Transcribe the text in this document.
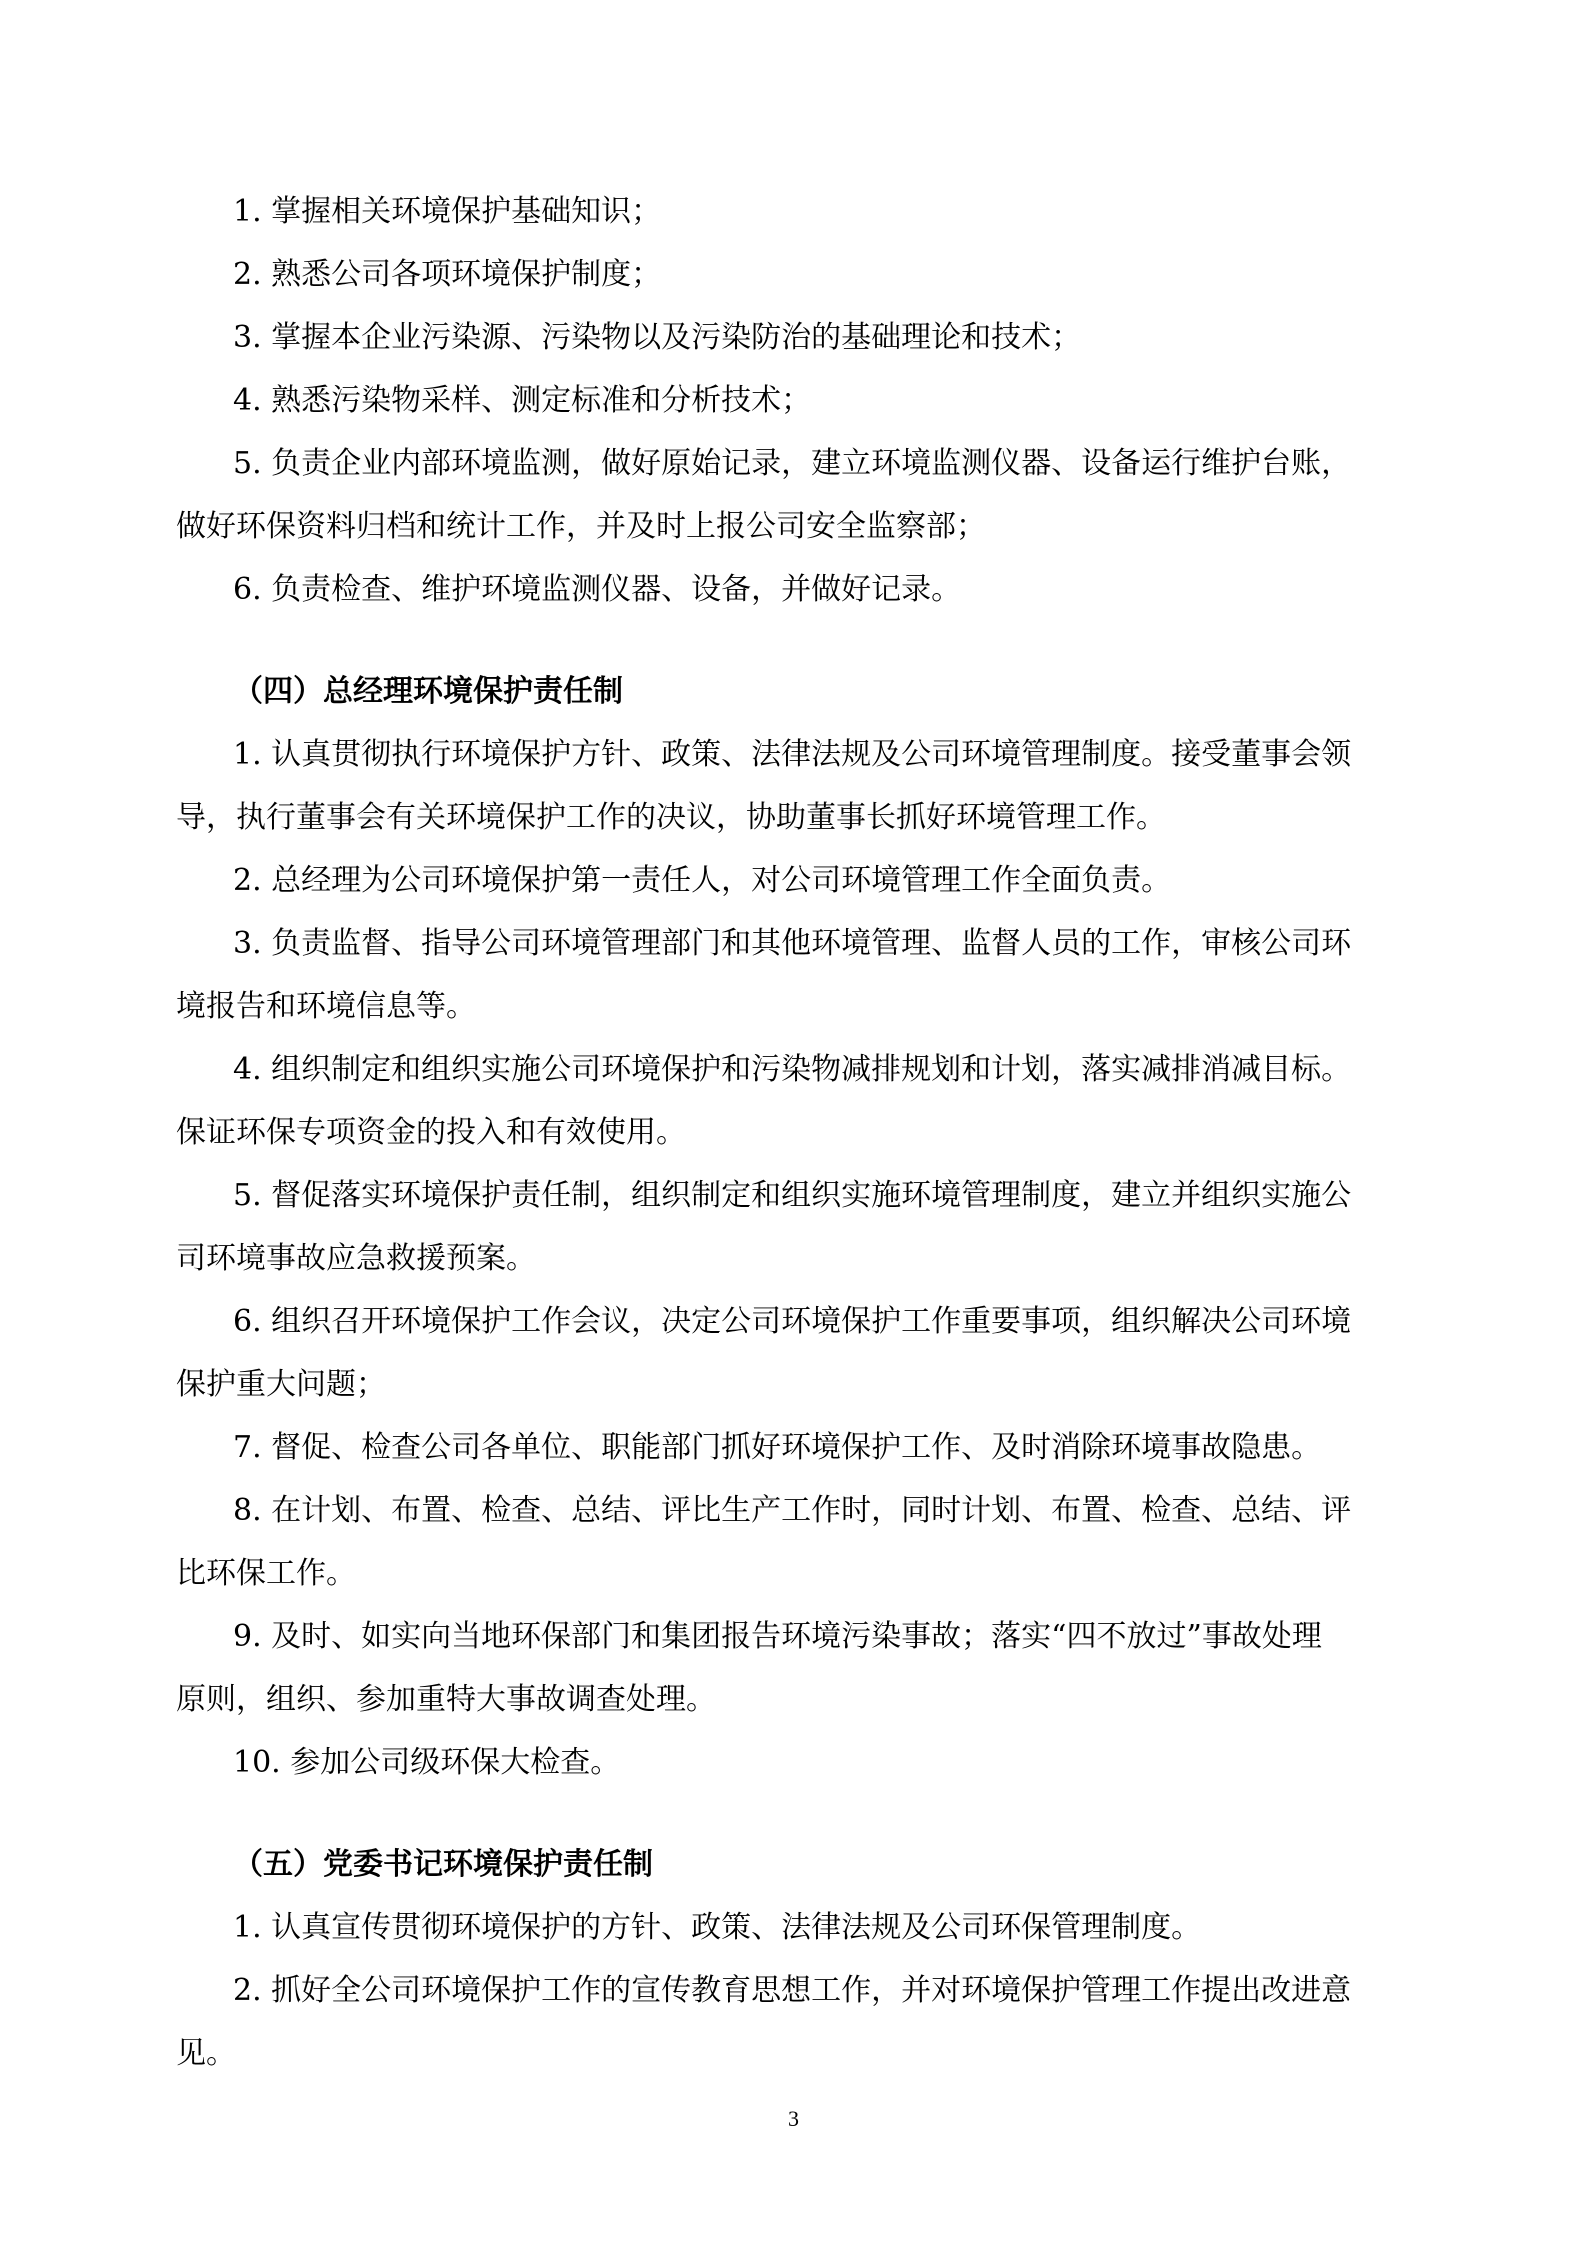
1. 掌握相关环境保护基础知识；
2. 熟悉公司各项环境保护制度；
3. 掌握本企业污染源、污染物以及污染防治的基础理论和技术；
4. 熟悉污染物采样、测定标准和分析技术；
5. 负责企业内部环境监测，做好原始记录，建立环境监测仪器、设备运行维护台账，
做好环保资料归档和统计工作，并及时上报公司安全监察部；
6. 负责检查、维护环境监测仪器、设备，并做好记录。
（四）总经理环境保护责任制
1. 认真贯彻执行环境保护方针、政策、法律法规及公司环境管理制度。接受董事会领
导，执行董事会有关环境保护工作的决议，协助董事长抓好环境管理工作。
2. 总经理为公司环境保护第一责任人，对公司环境管理工作全面负责。
3. 负责监督、指导公司环境管理部门和其他环境管理、监督人员的工作，审核公司环
境报告和环境信息等。
4. 组织制定和组织实施公司环境保护和污染物减排规划和计划，落实减排消减目标。
保证环保专项资金的投入和有效使用。
5. 督促落实环境保护责任制，组织制定和组织实施环境管理制度，建立并组织实施公
司环境事故应急救援预案。
6. 组织召开环境保护工作会议，决定公司环境保护工作重要事项，组织解决公司环境
保护重大问题；
7. 督促、检查公司各单位、职能部门抓好环境保护工作、及时消除环境事故隐患。
8. 在计划、布置、检查、总结、评比生产工作时，同时计划、布置、检查、总结、评
比环保工作。
9. 及时、如实向当地环保部门和集团报告环境污染事故；落实“四不放过”事故处理
原则，组织、参加重特大事故调查处理。
10. 参加公司级环保大检查。
（五）党委书记环境保护责任制
1. 认真宣传贯彻环境保护的方针、政策、法律法规及公司环保管理制度。
2. 抓好全公司环境保护工作的宣传教育思想工作，并对环境保护管理工作提出改进意
见。
3
